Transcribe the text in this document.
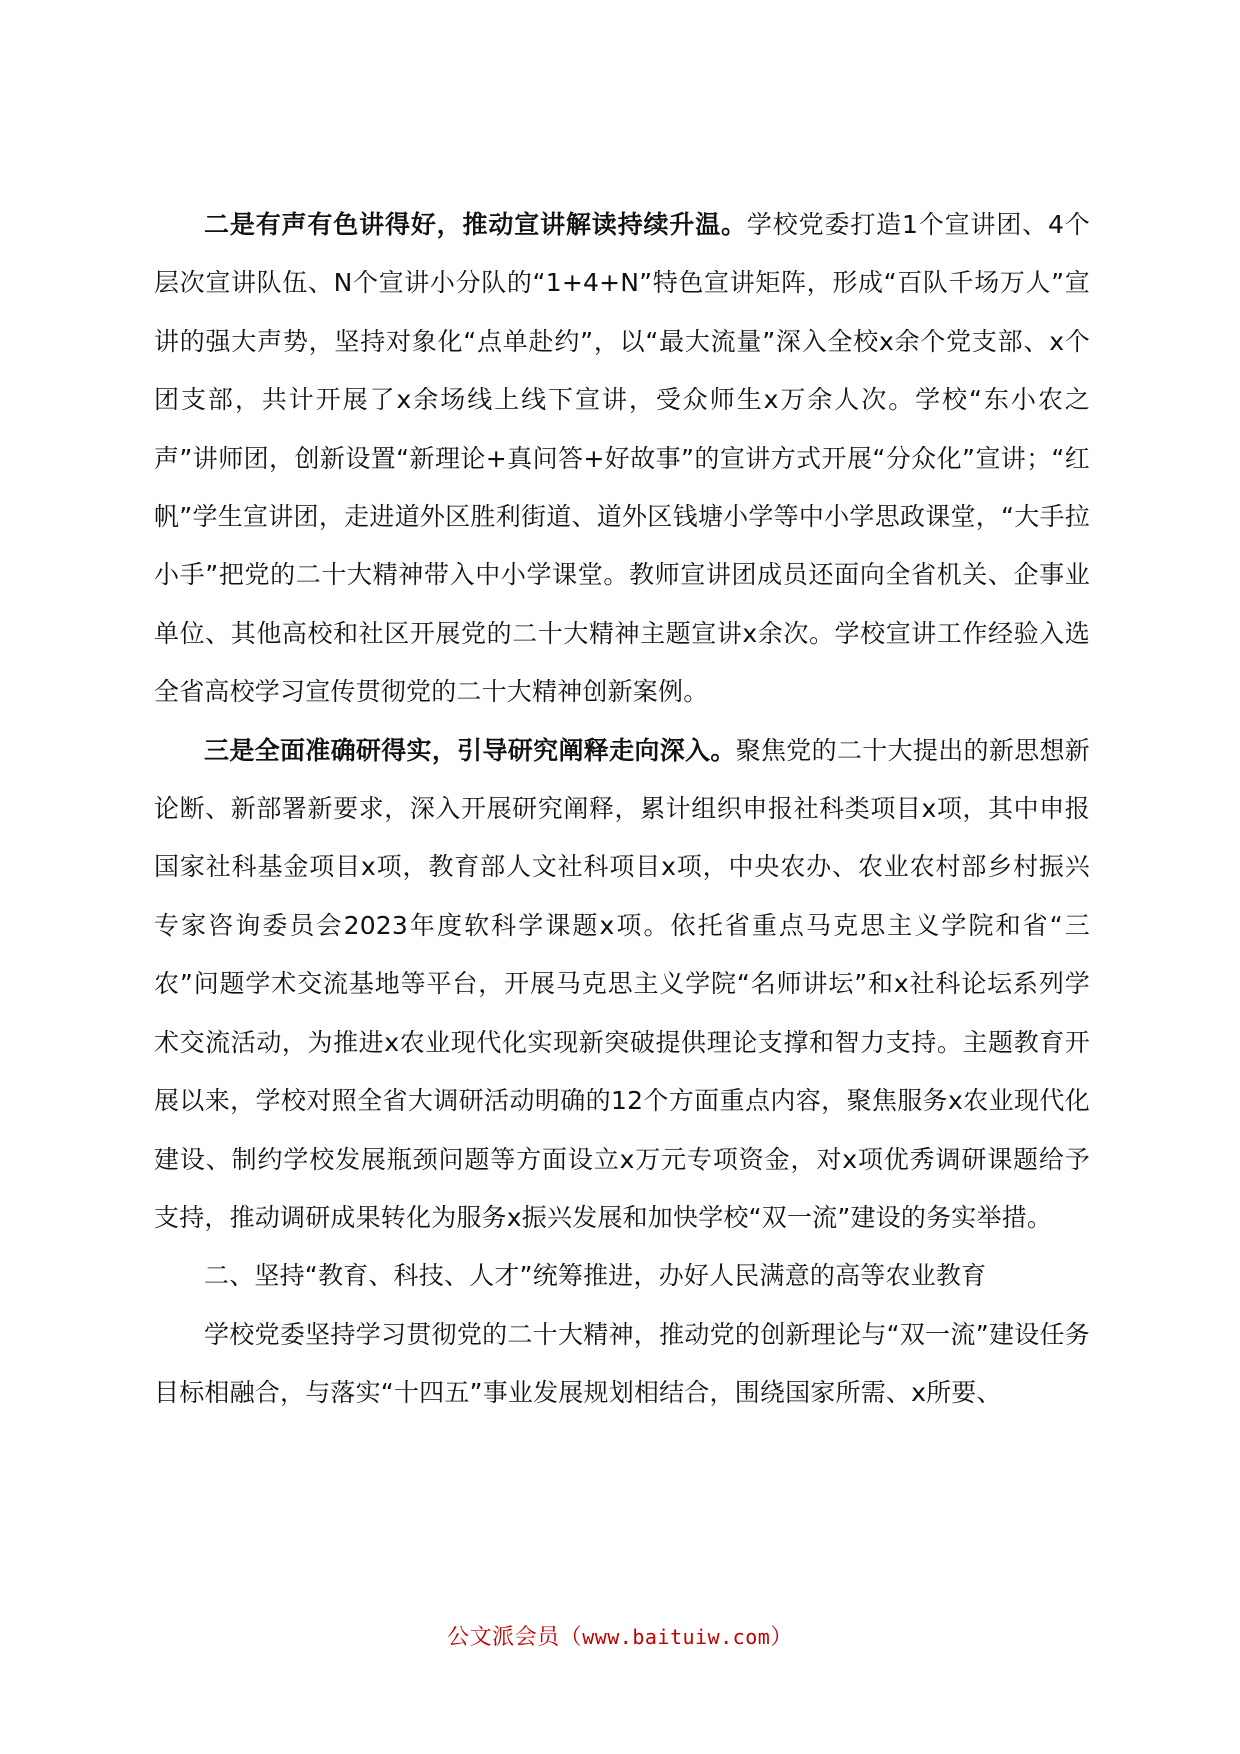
二是有声有色讲得好，推动宣讲解读持续升温。学校党委打造1个宣讲团、4个层次宣讲队伍、N个宣讲小分队的“1+4+N”特色宣讲矩阵，形成“百队千场万人”宣讲的强大声势，坚持对象化“点单赴约”，以“最大流量”深入全校x余个党支部、x个团支部，共计开展了x余场线上线下宣讲，受众师生x万余人次。学校“东小农之声”讲师团，创新设置“新理论+真问答+好故事”的宣讲方式开展“分众化”宣讲；“红帆”学生宣讲团，走进道外区胜利街道、道外区钱塘小学等中小学思政课堂，“大手拉小手”把党的二十大精神带入中小学课堂。教师宣讲团成员还面向全省机关、企事业单位、其他高校和社区开展党的二十大精神主题宣讲x余次。学校宣讲工作经验入选全省高校学习宣传贯彻党的二十大精神创新案例。

三是全面准确研得实，引导研究阐释走向深入。聚焦党的二十大提出的新思想新论断、新部署新要求，深入开展研究阐释，累计组织申报社科类项目x项，其中申报国家社科基金项目x项，教育部人文社科项目x项，中央农办、农业农村部乡村振兴专家咨询委员会2023年度软科学课题x项。依托省重点马克思主义学院和省“三农”问题学术交流基地等平台，开展马克思主义学院“名师讲坛”和x社科论坛系列学术交流活动，为推进x农业现代化实现新突破提供理论支撑和智力支持。主题教育开展以来，学校对照全省大调研活动明确的12个方面重点内容，聚焦服务x农业现代化建设、制约学校发展瓶颈问题等方面设立x万元专项资金，对x项优秀调研课题给予支持，推动调研成果转化为服务x振兴发展和加快学校“双一流”建设的务实举措。

二、坚持“教育、科技、人才”统筹推进，办好人民满意的高等农业教育

学校党委坚持学习贯彻党的二十大精神，推动党的创新理论与“双一流”建设任务目标相融合，与落实“十四五”事业发展规划相结合，围绕国家所需、x所要、

公文派会员（www.baituiw.com）
